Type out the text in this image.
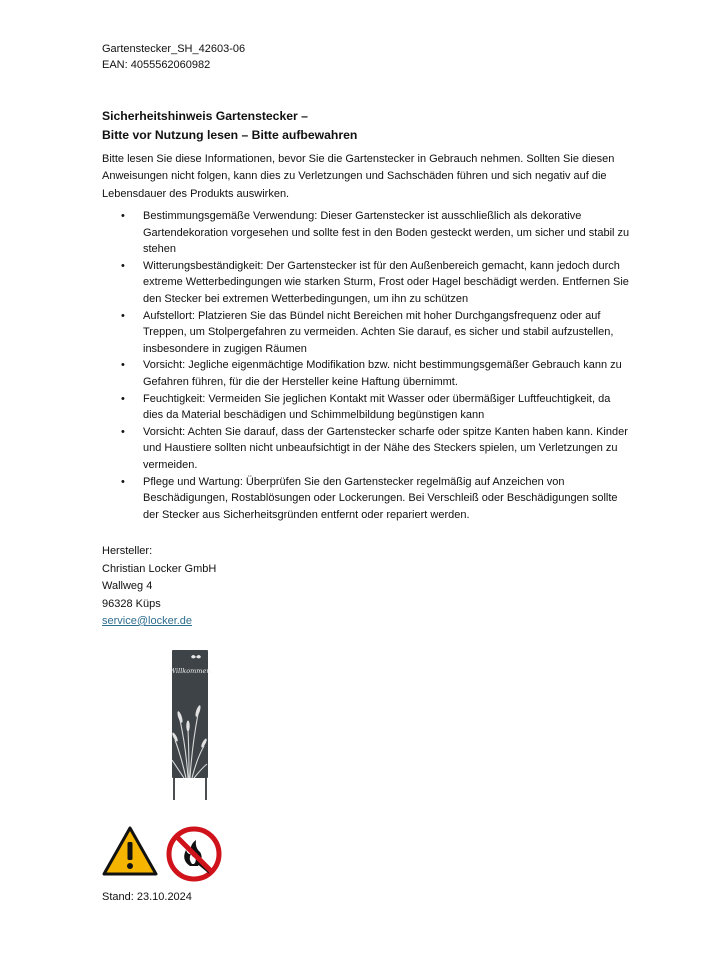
Gartenstecker_SH_42603-06
EAN: 4055562060982
Sicherheitshinweis Gartenstecker –
Bitte vor Nutzung lesen – Bitte aufbewahren
Bitte lesen Sie diese Informationen, bevor Sie die Gartenstecker in Gebrauch nehmen. Sollten Sie diesen Anweisungen nicht folgen, kann dies zu Verletzungen und Sachschäden führen und sich negativ auf die Lebensdauer des Produkts auswirken.
• Bestimmungsgemäße Verwendung: Dieser Gartenstecker ist ausschließlich als dekorative Gartendekoration vorgesehen und sollte fest in den Boden gesteckt werden, um sicher und stabil zu stehen
• Witterungsbeständigkeit: Der Gartenstecker ist für den Außenbereich gemacht, kann jedoch durch extreme Wetterbedingungen wie starken Sturm, Frost oder Hagel beschädigt werden. Entfernen Sie den Stecker bei extremen Wetterbedingungen, um ihn zu schützen
• Aufstellort: Platzieren Sie das Bündel nicht Bereichen mit hoher Durchgangsfrequenz oder auf Treppen, um Stolpergefahren zu vermeiden. Achten Sie darauf, es sicher und stabil aufzustellen, insbesondere in zugigen Räumen
• Vorsicht: Jegliche eigenmächtige Modifikation bzw. nicht bestimmungsgemäßer Gebrauch kann zu Gefahren führen, für die der Hersteller keine Haftung übernimmt.
• Feuchtigkeit: Vermeiden Sie jeglichen Kontakt mit Wasser oder übermäßiger Luftfeuchtigkeit, da dies da Material beschädigen und Schimmelbildung begünstigen kann
• Vorsicht: Achten Sie darauf, dass der Gartenstecker scharfe oder spitze Kanten haben kann. Kinder und Haustiere sollten nicht unbeaufsichtigt in der Nähe des Steckers spielen, um Verletzungen zu vermeiden.
• Pflege und Wartung: Überprüfen Sie den Gartenstecker regelmäßig auf Anzeichen von Beschädigungen, Rostablösungen oder Lockerungen. Bei Verschleiß oder Beschädigungen sollte der Stecker aus Sicherheitsgründen entfernt oder repariert werden.
Hersteller:
Christian Locker GmbH
Wallweg 4
96328 Küps
service@locker.de
Willkommen
Stand: 23.10.2024
